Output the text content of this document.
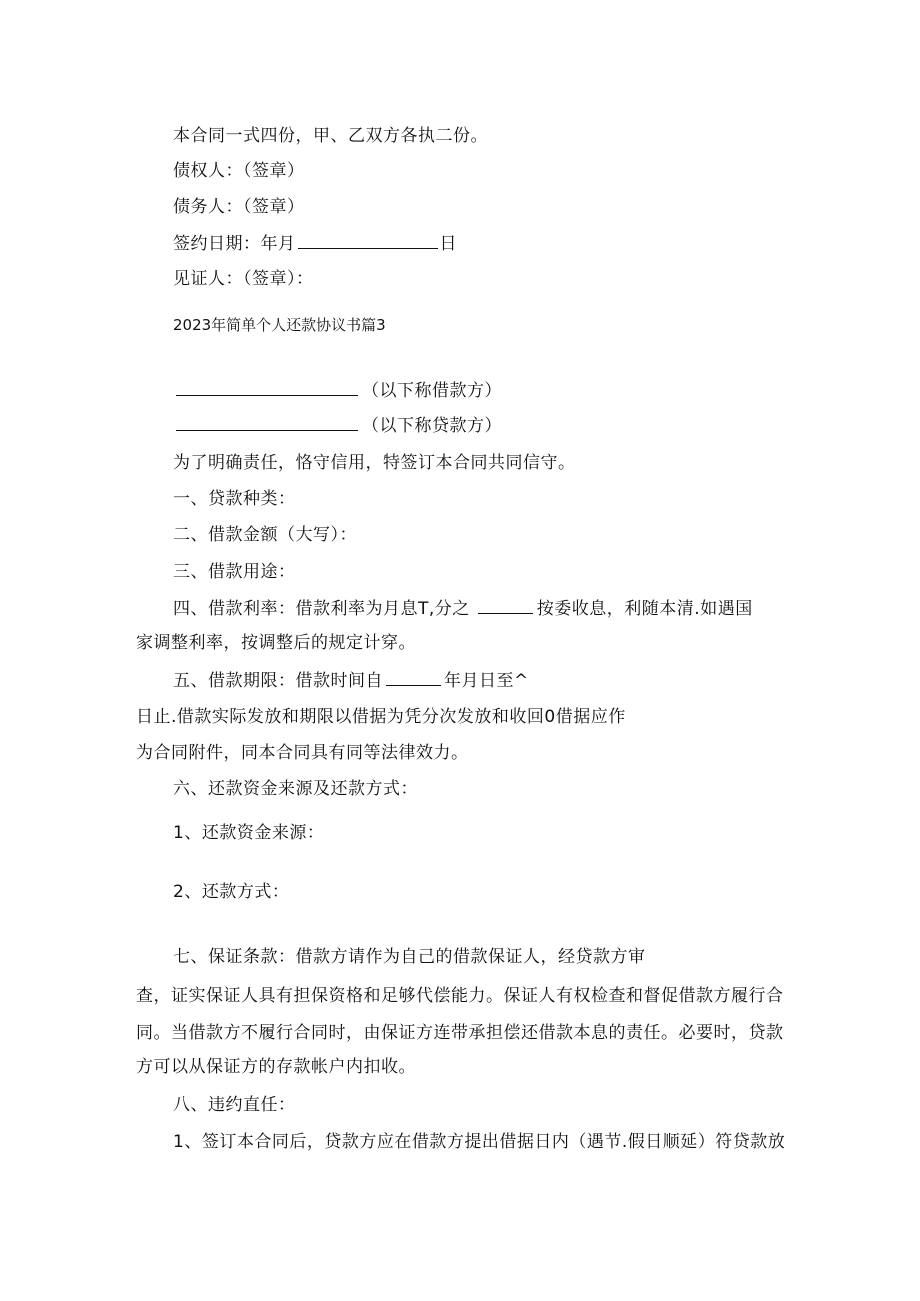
本合同一式四份，甲、乙双方各执二份。
债权人：（签章）
债务人：（签章）
签约日期：年月	日
见证人：（签章）：
2023年简单个人还款协议书篇3
（以下称借款方）
（以下称贷款方）
为了明确责任，恪守信用，特签订本合同共同信守。
一、贷款种类：
二、借款金额（大写）：
三、借款用途：
四、借款利率：借款利率为月息T,分之	按委收息，利随本清.如遇国
家调整利率，按调整后的规定计穿。
五、借款期限：借款时间自	年月日至^
日止.借款实际发放和期限以借据为凭分次发放和收回0借据应作
为合同附件，同本合同具有同等法律效力。
六、还款资金来源及还款方式：
1、还款资金来源：
2、还款方式：
七、保证条款：借款方请作为自己的借款保证人，经贷款方审
查，证实保证人具有担保资格和足够代偿能力。保证人有权检查和督促借款方履行合
同。当借款方不履行合同时，由保证方连带承担偿还借款本息的责任。必要时，贷款
方可以从保证方的存款帐户内扣收。
八、违约直任：
1、签订本合同后，贷款方应在借款方提出借据日内（遇节.假日顺延）符贷款放
